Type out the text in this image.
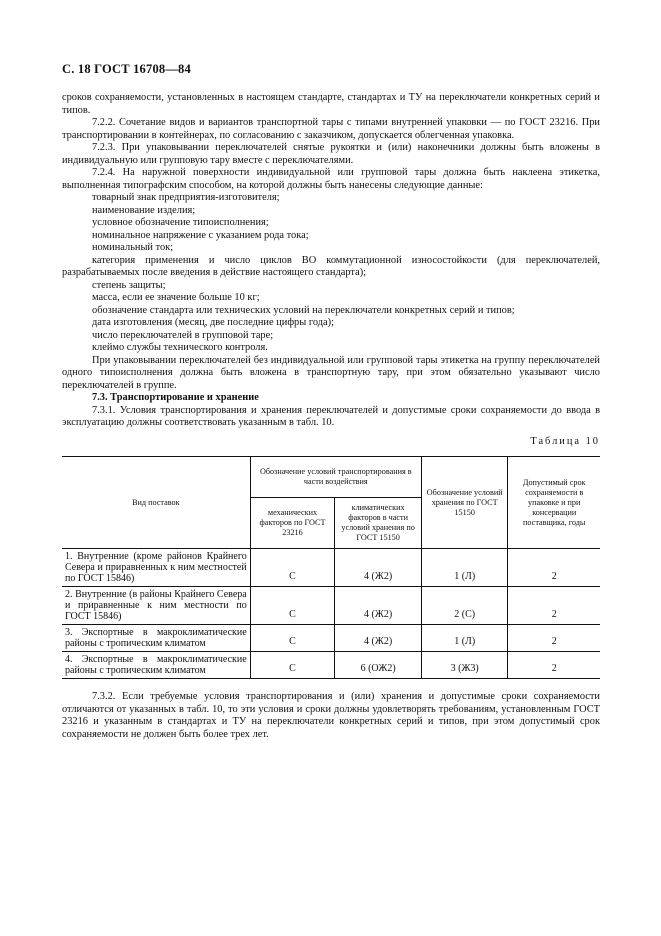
С. 18 ГОСТ 16708—84

сроков сохраняемости, установленных в настоящем стандарте, стандартах и ТУ на переключатели конкретных серий и типов.

7.2.2. Сочетание видов и вариантов транспортной тары с типами внутренней упаковки — по ГОСТ 23216. При транспортировании в контейнерах, по согласованию с заказчиком, допускается облегченная упаковка.

7.2.3. При упаковывании переключателей снятые рукоятки и (или) наконечники должны быть вложены в индивидуальную или групповую тару вместе с переключателями.

7.2.4. На наружной поверхности индивидуальной или групповой тары должна быть наклеена этикетка, выполненная типографским способом, на которой должны быть нанесены следующие данные:

товарный знак предприятия-изготовителя;

наименование изделия;

условное обозначение типоисполнения;

номинальное напряжение с указанием рода тока;

номинальный ток;

категория применения и число циклов ВО коммутационной износостойкости (для переключателей, разрабатываемых после введения в действие настоящего стандарта);

степень защиты;

масса, если ее значение больше 10 кг;

обозначение стандарта или технических условий на переключатели конкретных серий и типов;

дата изготовления (месяц, две последние цифры года);

число переключателей в групповой таре;

клеймо службы технического контроля.

При упаковывании переключателей без индивидуальной или групповой тары этикетка на группу переключателей одного типоисполнения должна быть вложена в транспортную тару, при этом обязательно указывают число переключателей в группе.

7.3. Транспортирование и хранение

7.3.1. Условия транспортирования и хранения переключателей и допустимые сроки сохраняемости до ввода в эксплуатацию должны соответствовать указанным в табл. 10.

Таблица 10

Вид поставок	Обозначение условий транспортирования в части воздействия		Обозначение условий хранения по ГОСТ 15150	Допустимый срок сохраняемости в упаковке и при консервации поставщика, годы
	механических факторов по ГОСТ 23216	климатических факторов в части условий хранения по ГОСТ 15150		
1. Внутренние (кроме районов Крайнего Севера и приравненных к ним местностей по ГОСТ 15846)	С	4 (Ж2)	1 (Л)	2
2. Внутренние (в районы Крайнего Севера и приравненные к ним местности по ГОСТ 15846)	С	4 (Ж2)	2 (С)	2
3. Экспортные в макроклиматические районы с тропическим климатом	С	4 (Ж2)	1 (Л)	2
4. Экспортные в макроклиматические районы с тропическим климатом	С	6 (ОЖ2)	3 (Ж3)	2

7.3.2. Если требуемые условия транспортирования и (или) хранения и допустимые сроки сохраняемости отличаются от указанных в табл. 10, то эти условия и сроки должны удовлетворять требованиям, установленным ГОСТ 23216 и указанным в стандартах и ТУ на переключатели конкретных серий и типов, при этом допустимый срок сохраняемости не должен быть более трех лет.
